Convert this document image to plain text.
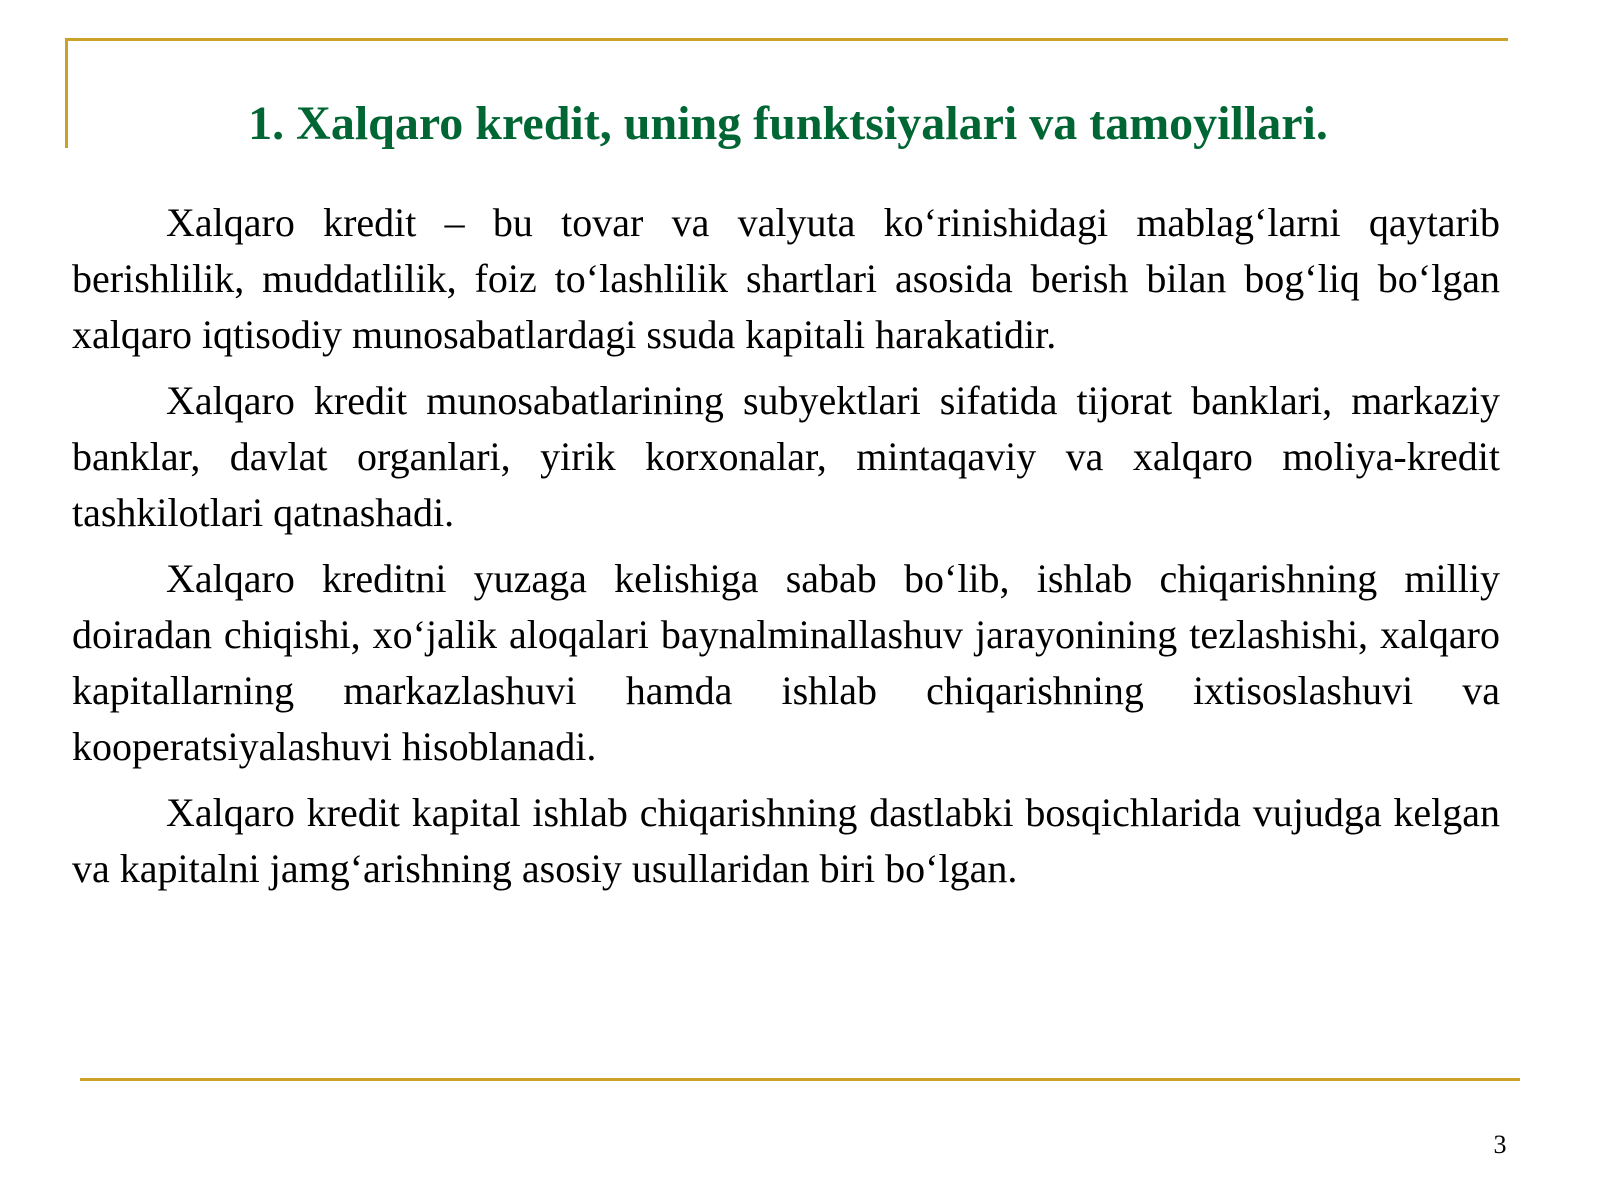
1. Xalqaro kredit, uning funktsiyalari va tamoyillari.

Xalqaro kredit – bu tovar va valyuta ko‘rinishidagi mablag‘larni qaytarib berishlilik, muddatlilik, foiz to‘lashlilik shartlari asosida berish bilan bog‘liq bo‘lgan xalqaro iqtisodiy munosabatlardagi ssuda kapitali harakatidir.

Xalqaro kredit munosabatlarining subyektlari sifatida tijorat banklari, markaziy banklar, davlat organlari, yirik korxonalar, mintaqaviy va xalqaro moliya-kredit tashkilotlari qatnashadi.

Xalqaro kreditni yuzaga kelishiga sabab bo‘lib, ishlab chiqarishning milliy doiradan chiqishi, xo‘jalik aloqalari baynalminallashuv jarayonining tezlashishi, xalqaro kapitallarning markazlashuvi hamda ishlab chiqarishning ixtisoslashuvi va kooperatsiyalashuvi hisoblanadi.

Xalqaro kredit kapital ishlab chiqarishning dastlabki bosqichlarida vujudga kelgan va kapitalni jamg‘arishning asosiy usullaridan biri bo‘lgan.

3
